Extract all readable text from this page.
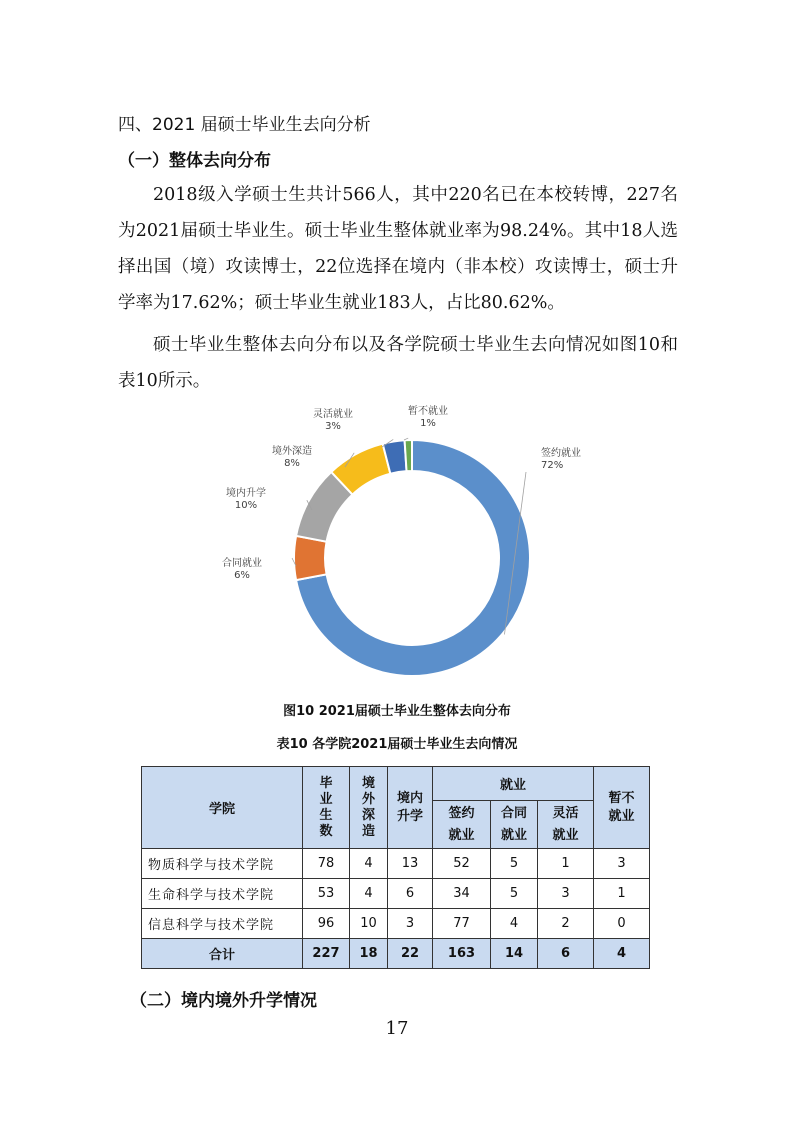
四、2021 届硕士毕业生去向分析
（一）整体去向分布
2018级入学硕士生共计566人，其中220名已在本校转博，227名为2021届硕士毕业生。硕士毕业生整体就业率为98.24%。其中18人选择出国（境）攻读博士，22位选择在境内（非本校）攻读博士，硕士升学率为17.62%；硕士毕业生就业183人，占比80.62%。
硕士毕业生整体去向分布以及各学院硕士毕业生去向情况如图10和表10所示。
签约就业
72%
合同就业
6%
境内升学
10%
境外深造
8%
灵活就业
3%
暂不就业
1%
图10 2021届硕士毕业生整体去向分布
表10 各学院2021届硕士毕业生去向情况
学院	毕业生数	境外深造	境内升学	就业			暂不就业

				签约就业	合同就业	灵活就业	

物质科学与技术学院	78	4	13	52	5	1	3
生命科学与技术学院	53	4	6	34	5	3	1
信息科学与技术学院	96	10	3	77	4	2	0
合计	227	18	22	163	14	6	4
（二）境内境外升学情况
17
